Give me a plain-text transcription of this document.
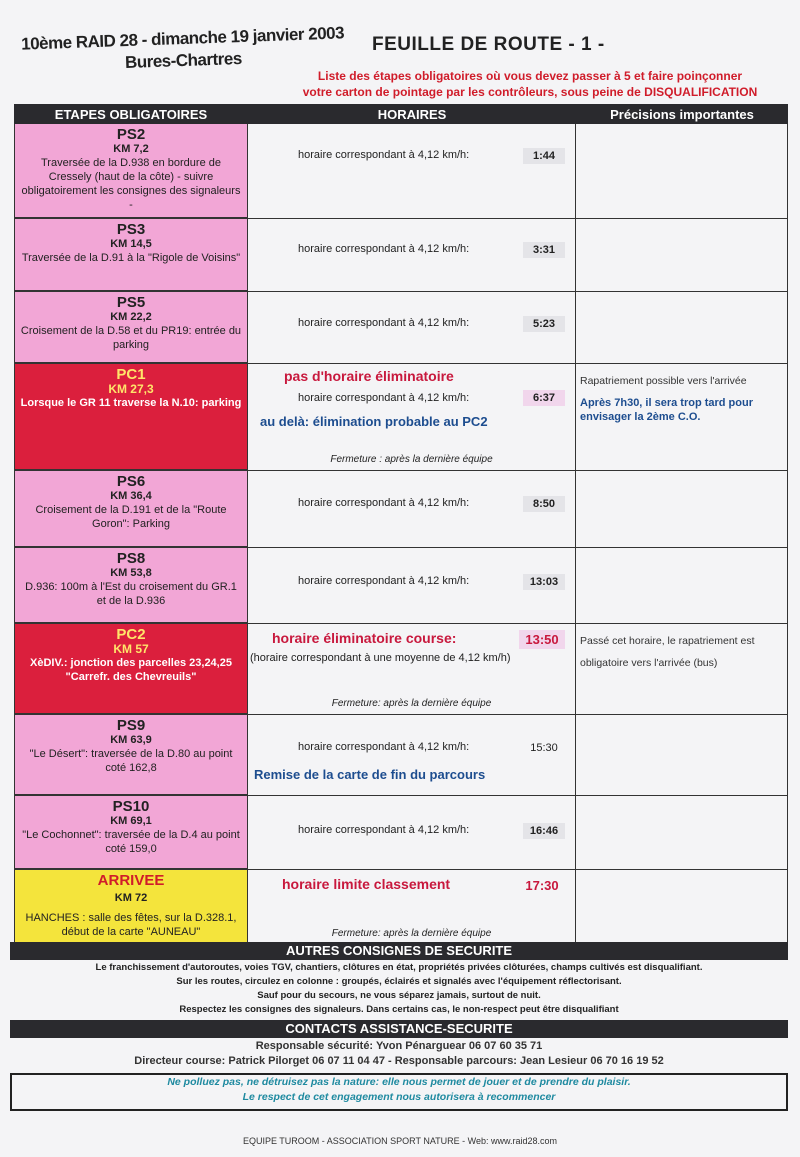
10ème RAID 28 - dimanche 19 janvier 2003
Bures-Chartres
FEUILLE DE ROUTE - 1 -
Liste des étapes obligatoires où vous devez passer à 5 et faire poinçonner
votre carton de pointage par les contrôleurs, sous peine de DISQUALIFICATION
ETAPES OBLIGATOIRES	HORAIRES	Précisions importantes
PS2
KM 7,2
Traversée de la D.938 en bordure de Cressely (haut de la côte) - suivre obligatoirement les consignes des signaleurs -
horaire correspondant à 4,12 km/h:	1:44
PS3
KM 14,5
Traversée de la D.91 à la "Rigole de Voisins"
horaire correspondant à 4,12 km/h:	3:31
PS5
KM 22,2
Croisement de la D.58 et du PR19: entrée du parking
horaire correspondant à 4,12 km/h:	5:23
PC1
KM 27,3
Lorsque le GR 11 traverse la N.10: parking
pas d'horaire éliminatoire
horaire correspondant à 4,12 km/h:	6:37
au delà: élimination probable au PC2
Fermeture : après la dernière équipe
Rapatriement possible vers l'arrivée
Après 7h30, il sera trop tard pour envisager la 2ème C.O.
PS6
KM 36,4
Croisement de la D.191 et de la "Route Goron": Parking
horaire correspondant à 4,12 km/h:	8:50
PS8
KM 53,8
D.936: 100m à l'Est du croisement du GR.1 et de la D.936
horaire correspondant à 4,12 km/h:	13:03
PC2
KM 57
XèDIV.: jonction des parcelles 23,24,25 "Carrefr. des Chevreuils"
horaire éliminatoire course:	13:50
(horaire correspondant à une moyenne de 4,12 km/h)
Fermeture: après la dernière équipe
Passé cet horaire, le rapatriement est obligatoire vers l'arrivée (bus)
PS9
KM 63,9
"Le Désert": traversée de la D.80 au point coté 162,8
horaire correspondant à 4,12 km/h:	15:30
Remise de la carte de fin du parcours
PS10
KM 69,1
"Le Cochonnet": traversée de la D.4 au point coté 159,0
horaire correspondant à 4,12 km/h:	16:46
ARRIVEE
KM 72
HANCHES : salle des fêtes, sur la D.328.1, début de la carte "AUNEAU"
horaire limite classement	17:30
Fermeture: après la dernière équipe
AUTRES CONSIGNES DE SECURITE
Le franchissement d'autoroutes, voies TGV, chantiers, clôtures en état, propriétés privées clôturées, champs cultivés est disqualifiant.
Sur les routes, circulez en colonne : groupés, éclairés et signalés avec l'équipement réflectorisant.
Sauf pour du secours, ne vous séparez jamais, surtout de nuit.
Respectez les consignes des signaleurs. Dans certains cas, le non-respect peut être disqualifiant
CONTACTS ASSISTANCE-SECURITE
Responsable sécurité: Yvon Pénarguear 06 07 60 35 71
Directeur course: Patrick Pilorget 06 07 11 04 47 - Responsable parcours: Jean Lesieur 06 70 16 19 52
Ne polluez pas, ne détruisez pas la nature: elle nous permet de jouer et de prendre du plaisir.
Le respect de cet engagement nous autorisera à recommencer
EQUIPE TUROOM - ASSOCIATION SPORT NATURE - Web: www.raid28.com
